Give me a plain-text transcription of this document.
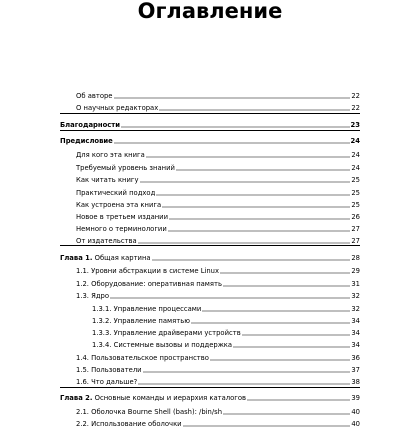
Оглавление
Об авторе	22
О научных редакторах	22
Благодарности	23
Предисловие	24
Для кого эта книга	24
Требуемый уровень знаний	24
Как читать книгу	25
Практический подход	25
Как устроена эта книга	25
Новое в третьем издании	26
Немного о терминологии	27
От издательства	27
Глава 1. Общая картина	28
1.1. Уровни абстракции в системе Linux	29
1.2. Оборудование: оперативная память	31
1.3. Ядро	32
1.3.1. Управление процессами	32
1.3.2. Управление памятью	34
1.3.3. Управление драйверами устройств	34
1.3.4. Системные вызовы и поддержка	34
1.4. Пользовательское пространство	36
1.5. Пользователи	37
1.6. Что дальше?	38
Глава 2. Основные команды и иерархия каталогов	39
2.1. Оболочка Bourne Shell (bash): /bin/sh	40
2.2. Использование оболочки	40
